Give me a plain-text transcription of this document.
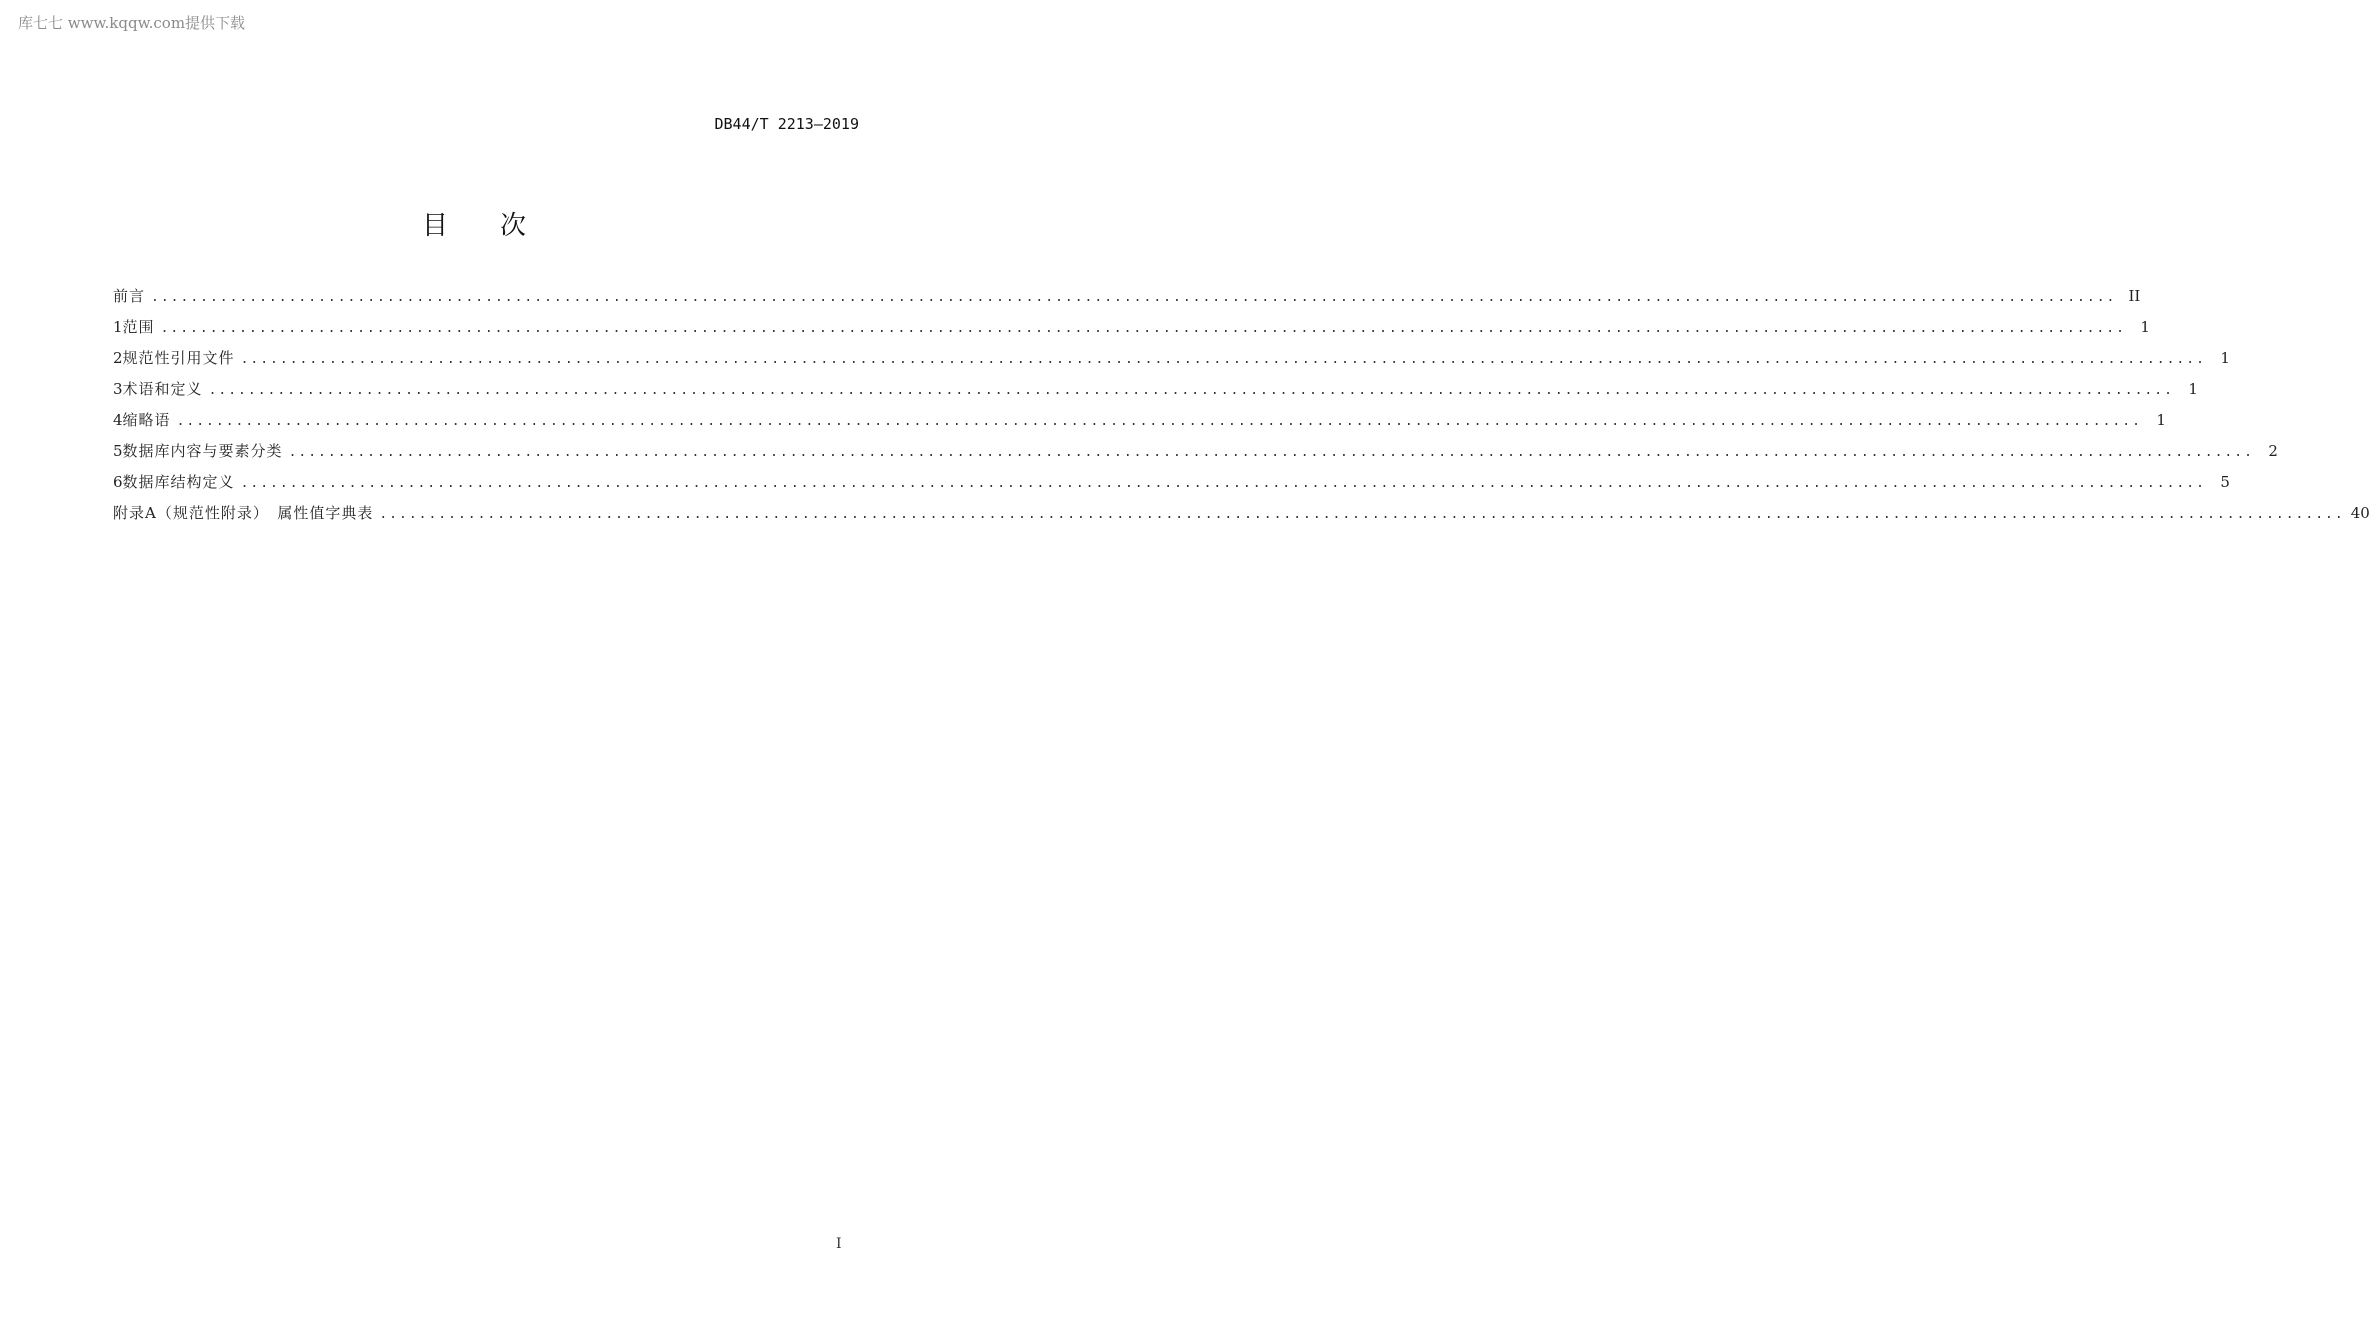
库七七 www.kqqw.com提供下载
DB44/T 2213—2019
目 次
前言 ........................................................................................................................................................................................................ II
1 范围 ........................................................................................................................................................................................................ 1
2 规范性引用文件 ........................................................................................................................................................................................................ 1
3 术语和定义 ........................................................................................................................................................................................................ 1
4 缩略语 ........................................................................................................................................................................................................ 1
5 数据库内容与要素分类 ........................................................................................................................................................................................................ 2
6 数据库结构定义 ........................................................................................................................................................................................................ 5
附录A（规范性附录）　属性值字典表 ........................................................................................................................................................................................................ 40
I
